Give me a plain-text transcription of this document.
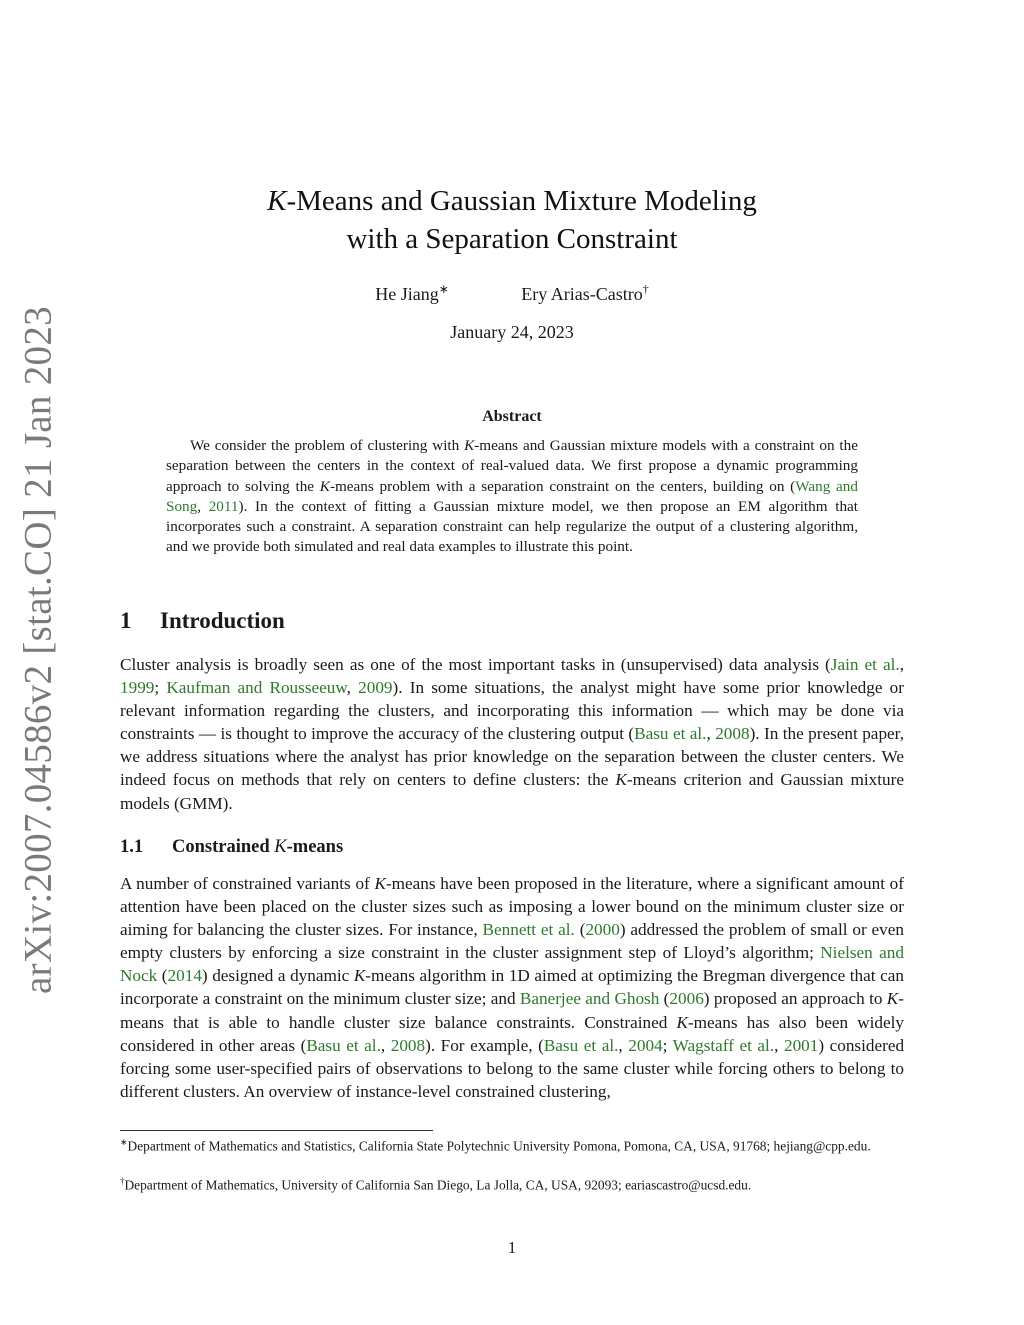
arXiv:2007.04586v2 [stat.CO] 21 Jan 2023
K-Means and Gaussian Mixture Modeling
with a Separation Constraint
He Jiang∗	Ery Arias-Castro†
January 24, 2023
Abstract

We consider the problem of clustering with K-means and Gaussian mixture models with a constraint on the separation between the centers in the context of real-valued data. We first propose a dynamic programming approach to solving the K-means problem with a separation constraint on the centers, building on (Wang and Song, 2011). In the context of fitting a Gaussian mixture model, we then propose an EM algorithm that incorporates such a constraint. A separation constraint can help regularize the output of a clustering algorithm, and we provide both simulated and real data examples to illustrate this point.

1 Introduction

Cluster analysis is broadly seen as one of the most important tasks in (unsupervised) data analysis (Jain et al., 1999; Kaufman and Rousseeuw, 2009). In some situations, the analyst might have some prior knowledge or relevant information regarding the clusters, and incorporating this information — which may be done via constraints — is thought to improve the accuracy of the clustering output (Basu et al., 2008). In the present paper, we address situations where the analyst has prior knowledge on the separation between the cluster centers. We indeed focus on methods that rely on centers to define clusters: the K-means criterion and Gaussian mixture models (GMM).

1.1 Constrained K-means

A number of constrained variants of K-means have been proposed in the literature, where a significant amount of attention have been placed on the cluster sizes such as imposing a lower bound on the minimum cluster size or aiming for balancing the cluster sizes. For instance, Bennett et al. (2000) addressed the problem of small or even empty clusters by enforcing a size constraint in the cluster assignment step of Lloyd’s algorithm; Nielsen and Nock (2014) designed a dynamic K-means algorithm in 1D aimed at optimizing the Bregman divergence that can incorporate a constraint on the minimum cluster size; and Banerjee and Ghosh (2006) proposed an approach to K-means that is able to handle cluster size balance constraints. Constrained K-means has also been widely considered in other areas (Basu et al., 2008). For example, (Basu et al., 2004; Wagstaff et al., 2001) considered forcing some user-specified pairs of observations to belong to the same cluster while forcing others to belong to different clusters. An overview of instance-level constrained clustering,

∗Department of Mathematics and Statistics, California State Polytechnic University Pomona, Pomona, CA, USA, 91768; hejiang@cpp.edu.

†Department of Mathematics, University of California San Diego, La Jolla, CA, USA, 92093; eariascastro@ucsd.edu.

1
